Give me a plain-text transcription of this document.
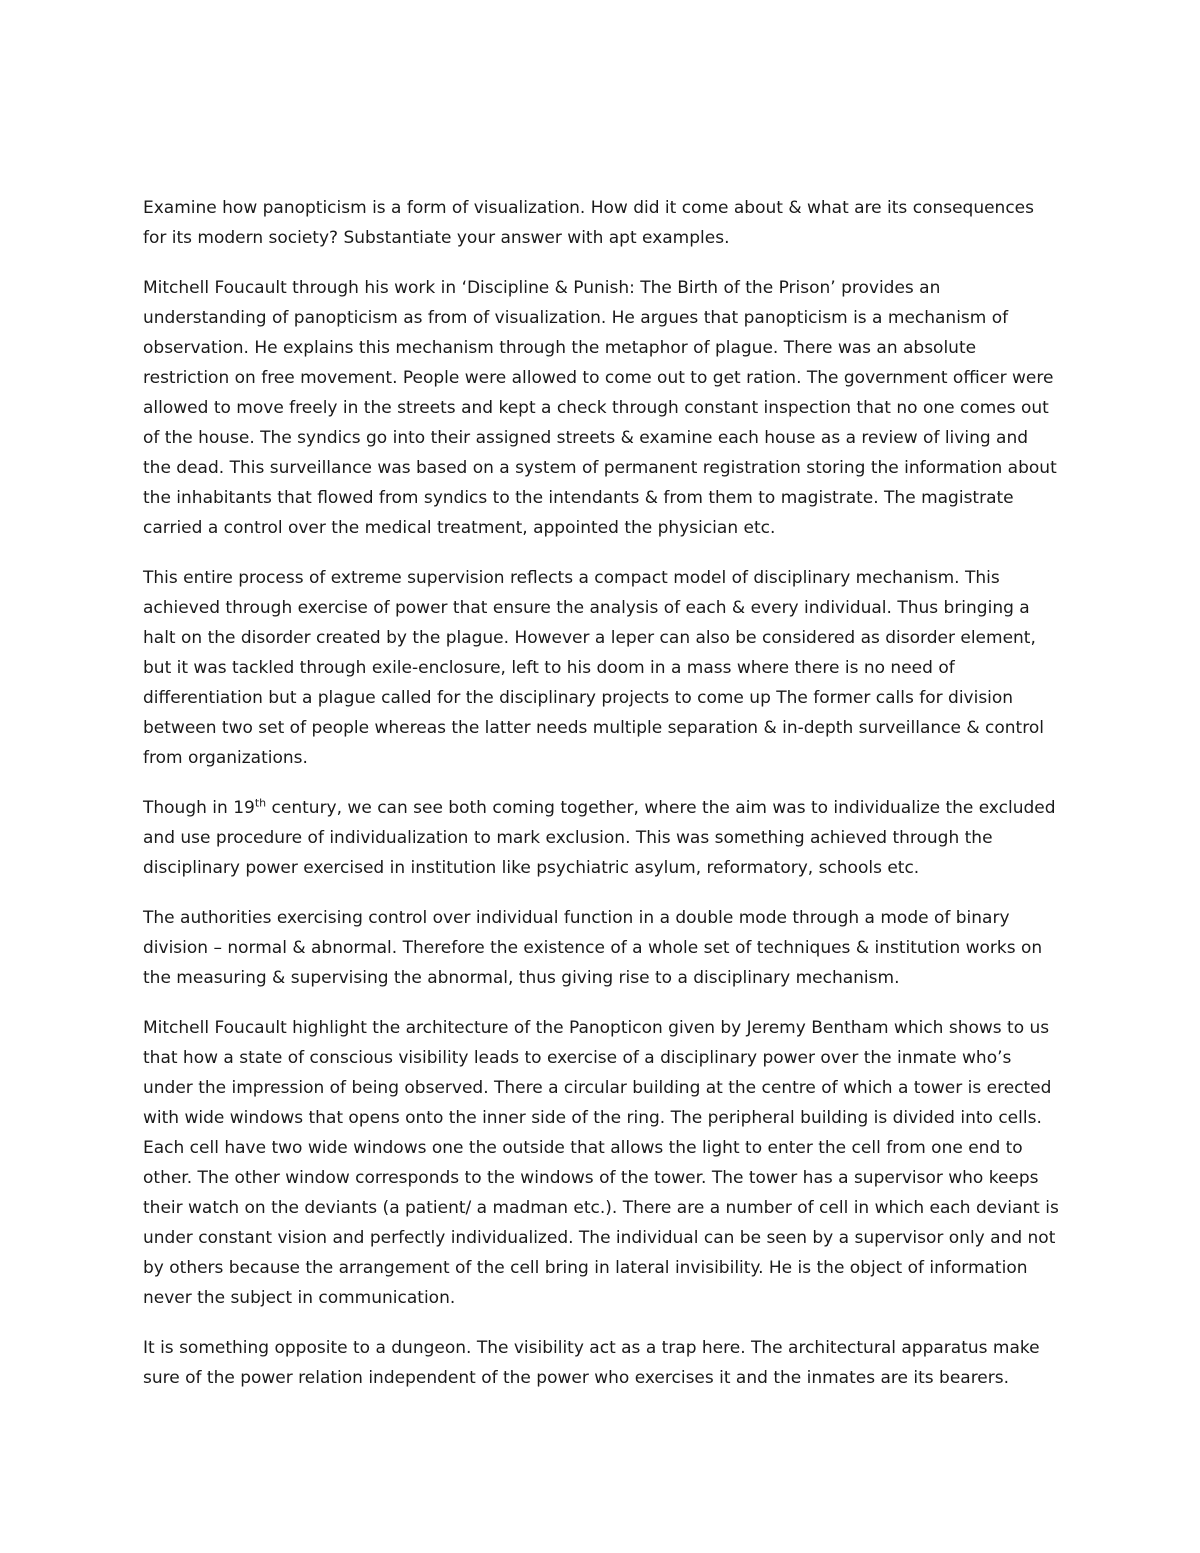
Examine how panopticism is a form of visualization. How did it come about & what are its consequences for its modern society? Substantiate your answer with apt examples.

Mitchell Foucault through his work in ‘Discipline & Punish: The Birth of the Prison’ provides an understanding of panopticism as from of visualization. He argues that panopticism is a mechanism of observation. He explains this mechanism through the metaphor of plague. There was an absolute restriction on free movement. People were allowed to come out to get ration. The government officer were allowed to move freely in the streets and kept a check through constant inspection that no one comes out of the house. The syndics go into their assigned streets & examine each house as a review of living and the dead. This surveillance was based on a system of permanent registration storing the information about the inhabitants that flowed from syndics to the intendants & from them to magistrate. The magistrate carried a control over the medical treatment, appointed the physician etc.

This entire process of extreme supervision reflects a compact model of disciplinary mechanism. This achieved through exercise of power that ensure the analysis of each & every individual. Thus bringing a halt on the disorder created by the plague. However a leper can also be considered as disorder element, but it was tackled through exile-enclosure, left to his doom in a mass where there is no need of differentiation but a plague called for the disciplinary projects to come up The former calls for division between two set of people whereas the latter needs multiple separation & in-depth surveillance & control from organizations.

Though in 19th century, we can see both coming together, where the aim was to individualize the excluded and use procedure of individualization to mark exclusion. This was something achieved through the disciplinary power exercised in institution like psychiatric asylum, reformatory, schools etc.

The authorities exercising control over individual function in a double mode through a mode of binary division – normal & abnormal. Therefore the existence of a whole set of techniques & institution works on the measuring & supervising the abnormal, thus giving rise to a disciplinary mechanism.

Mitchell Foucault highlight the architecture of the Panopticon given by Jeremy Bentham which shows to us that how a state of conscious visibility leads to exercise of a disciplinary power over the inmate who’s under the impression of being observed. There a circular building at the centre of which a tower is erected with wide windows that opens onto the inner side of the ring. The peripheral building is divided into cells. Each cell have two wide windows one the outside that allows the light to enter the cell from one end to other. The other window corresponds to the windows of the tower. The tower has a supervisor who keeps their watch on the deviants (a patient/ a madman etc.). There are a number of cell in which each deviant is under constant vision and perfectly individualized. The individual can be seen by a supervisor only and not by others because the arrangement of the cell bring in lateral invisibility. He is the object of information never the subject in communication.

It is something opposite to a dungeon. The visibility act as a trap here. The architectural apparatus make sure of the power relation independent of the power who exercises it and the inmates are its bearers.
